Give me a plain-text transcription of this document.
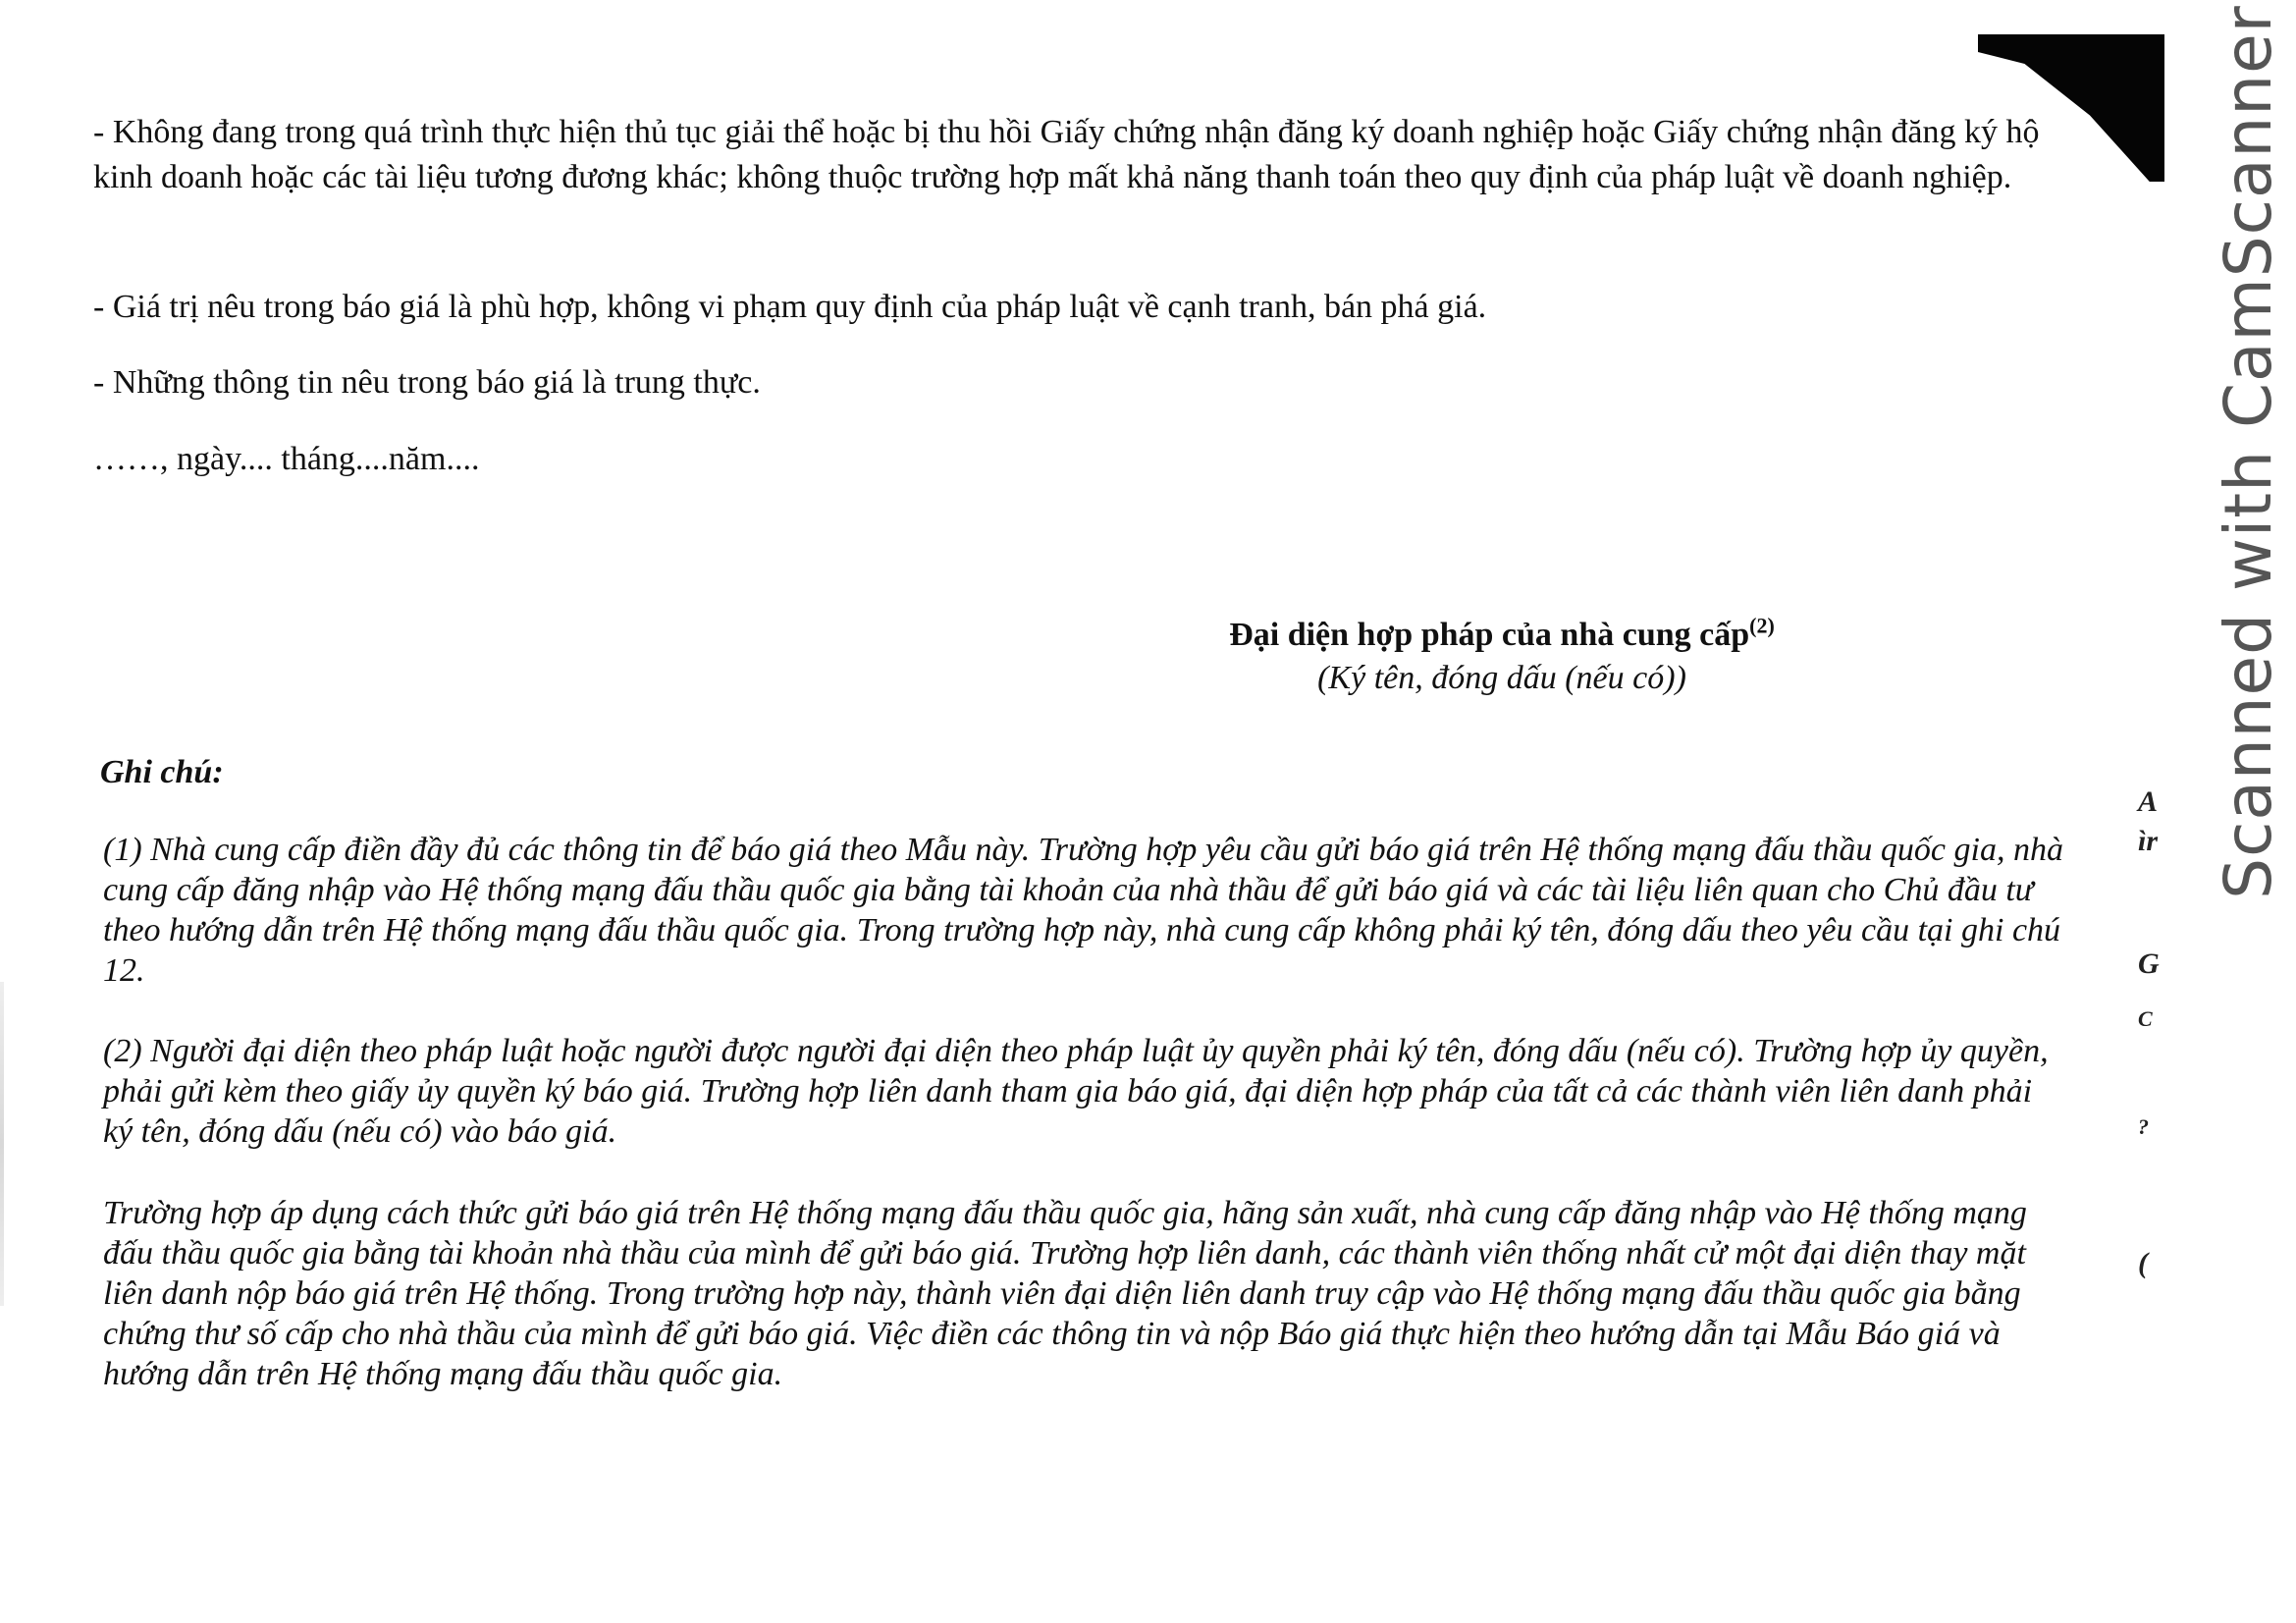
- Không đang trong quá trình thực hiện thủ tục giải thể hoặc bị thu hồi Giấy chứng nhận đăng ký doanh nghiệp hoặc Giấy chứng nhận đăng ký hộ kinh doanh hoặc các tài liệu tương đương khác; không thuộc trường hợp mất khả năng thanh toán theo quy định của pháp luật về doanh nghiệp.

- Giá trị nêu trong báo giá là phù hợp, không vi phạm quy định của pháp luật về cạnh tranh, bán phá giá.

- Những thông tin nêu trong báo giá là trung thực.

……, ngày.... tháng....năm....

Đại diện hợp pháp của nhà cung cấp$^{(2)}$

(Ký tên, đóng dấu (nếu có))

Ghi chú:

(1) Nhà cung cấp điền đầy đủ các thông tin để báo giá theo Mẫu này. Trường hợp yêu cầu gửi báo giá trên Hệ thống mạng đấu thầu quốc gia, nhà cung cấp đăng nhập vào Hệ thống mạng đấu thầu quốc gia bằng tài khoản của nhà thầu để gửi báo giá và các tài liệu liên quan cho Chủ đầu tư theo hướng dẫn trên Hệ thống mạng đấu thầu quốc gia. Trong trường hợp này, nhà cung cấp không phải ký tên, đóng dấu theo yêu cầu tại ghi chú 12.

(2) Người đại diện theo pháp luật hoặc người được người đại diện theo pháp luật ủy quyền phải ký tên, đóng dấu (nếu có). Trường hợp ủy quyền, phải gửi kèm theo giấy ủy quyền ký báo giá. Trường hợp liên danh tham gia báo giá, đại diện hợp pháp của tất cả các thành viên liên danh phải ký tên, đóng dấu (nếu có) vào báo giá.

Trường hợp áp dụng cách thức gửi báo giá trên Hệ thống mạng đấu thầu quốc gia, hãng sản xuất, nhà cung cấp đăng nhập vào Hệ thống mạng đấu thầu quốc gia bằng tài khoản nhà thầu của mình để gửi báo giá. Trường hợp liên danh, các thành viên thống nhất cử một đại diện thay mặt liên danh nộp báo giá trên Hệ thống. Trong trường hợp này, thành viên đại diện liên danh truy cập vào Hệ thống mạng đấu thầu quốc gia bằng chứng thư số cấp cho nhà thầu của mình để gửi báo giá. Việc điền các thông tin và nộp Báo giá thực hiện theo hướng dẫn tại Mẫu Báo giá và hướng dẫn trên Hệ thống mạng đấu thầu quốc gia.

A
ìr
G
C
?
(
Scanned with CamScanner
